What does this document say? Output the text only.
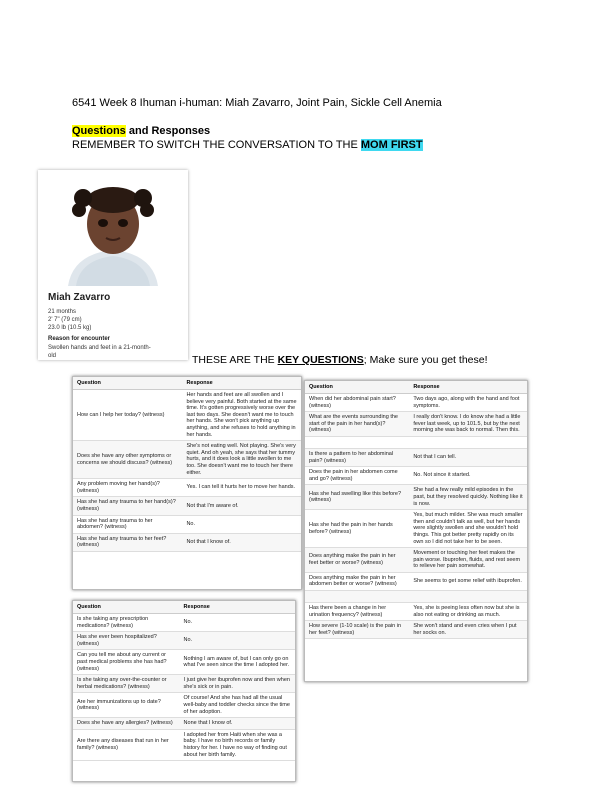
6541 Week 8 Ihuman i-human: Miah Zavarro, Joint Pain, Sickle Cell Anemia
Questions and Responses
REMEMBER TO SWITCH THE CONVERSATION TO THE MOM FIRST
Miah Zavarro
21 months
2' 7" (79 cm)
23.0 lb (10.5 kg)
Reason for encounter
Swollen hands and feet in a 21-month-old	THESE ARE THE KEY QUESTIONS; Make sure you get these!
Question	Response
How can I help her today? (witness)	Her hands and feet are all swollen and I believe very painful. Both started at the same time. It's gotten progressively worse over the last two days. She doesn't want me to touch her hands. She won't pick anything up anything, and she refuses to hold anything in her hands.
Does she have any other symptoms or concerns we should discuss? (witness)	She's not eating well. Not playing. She's very quiet. And oh yeah, she says that her tummy hurts, and it does look a little swollen to me too. She doesn't want me to touch her there either.
Any problem moving her hand(s)? (witness)	Yes. I can tell it hurts her to move her hands.
Has she had any trauma to her hand(s)? (witness)	Not that I'm aware of.
Has she had any trauma to her abdomen? (witness)	No.
Has she had any trauma to her feet? (witness)	Not that I know of.
Question	Response
When did her abdominal pain start? (witness)	Two days ago, along with the hand and foot symptoms.
What are the events surrounding the start of the pain in her hand(s)? (witness)	I really don't know. I do know she had a little fever last week, up to 101.5, but by the next morning she was back to normal. Then this.

Is there a pattern to her abdominal pain? (witness)	Not that I can tell.
Does the pain in her abdomen come and go? (witness)	No. Not since it started.
Has she had swelling like this before? (witness)	She had a few really mild episodes in the past, but they resolved quickly. Nothing like it is now.
Has she had the pain in her hands before? (witness)	Yes, but much milder. She was much smaller then and couldn't talk as well, but her hands were slightly swollen and she wouldn't hold things. This got better pretty rapidly on its own so I did not take her to be seen.
Does anything make the pain in her feet better or worse? (witness)	Movement or touching her feet makes the pain worse. Ibuprofen, fluids, and rest seem to relieve her pain somewhat.
Does anything make the pain in her abdomen better or worse? (witness)	She seems to get some relief with ibuprofen.

Has there been a change in her urination frequency? (witness)	Yes, she is peeing less often now but she is also not eating or drinking as much.
How severe (1-10 scale) is the pain in her feet? (witness)	She won't stand and even cries when I put her socks on.
Question	Response
Is she taking any prescription medications? (witness)	No.
Has she ever been hospitalized? (witness)	No.
Can you tell me about any current or past medical problems she has had? (witness)	Nothing I am aware of, but I can only go on what I've seen since the time I adopted her.
Is she taking any over-the-counter or herbal medications? (witness)	I just give her ibuprofen now and then when she's sick or in pain.
Are her immunizations up to date? (witness)	Of course! And she has had all the usual well-baby and toddler checks since the time of her adoption.
Does she have any allergies? (witness)	None that I know of.
Are there any diseases that run in her family? (witness)	I adopted her from Haiti when she was a baby. I have no birth records or family history for her. I have no way of finding out about her birth family.
